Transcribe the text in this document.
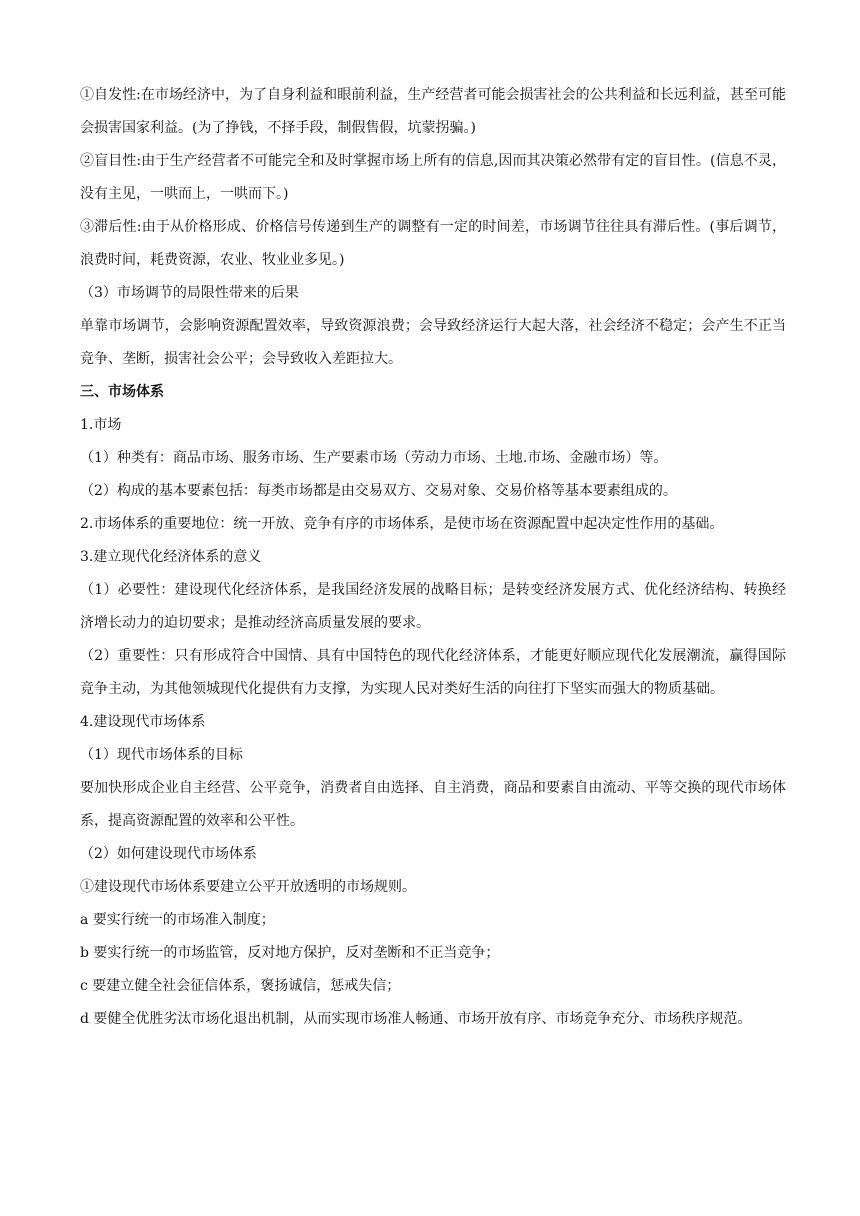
①自发性:在市场经济中，为了自身利益和眼前利益，生产经营者可能会损害社会的公共利益和长远利益，甚至可能会损害国家利益。(为了挣钱，不择手段，制假售假，坑蒙拐骗。)

②盲目性:由于生产经营者不可能完全和及时掌握市场上所有的信息,因而其决策必然带有定的盲目性。(信息不灵，没有主见，一哄而上，一哄而下。)

③滞后性:由于从价格形成、价格信号传递到生产的调整有一定的时间差，市场调节往往具有滞后性。(事后调节，浪费时间，耗费资源，农业、牧业业多见。)

（3）市场调节的局限性带来的后果

单靠市场调节，会影响资源配置效率，导致资源浪费；会导致经济运行大起大落，社会经济不稳定；会产生不正当竞争、垄断，损害社会公平；会导致收入差距拉大。

三、市场体系

1.市场

（1）种类有：商品市场、服务市场、生产要素市场（劳动力市场、土地.市场、金融市场）等。

（2）构成的基本要素包括：每类市场都是由交易双方、交易对象、交易价格等基本要素组成的。

2.市场体系的重要地位：统一开放、竞争有序的市场体系，是使市场在资源配置中起决定性作用的基础。

3.建立现代化经济体系的意义

（1）必要性：建设现代化经济体系，是我国经济发展的战略目标；是转变经济发展方式、优化经济结构、转换经济增长动力的迫切要求；是推动经济高质量发展的要求。

（2）重要性：只有形成符合中国情、具有中国特色的现代化经济体系，才能更好顺应现代化发展潮流，赢得国际竞争主动，为其他领城现代化提供有力支撑，为实现人民对类好生活的向往打下坚实而强大的物质基础。

4.建设现代市场体系

（1）现代市场体系的目标

要加快形成企业自主经营、公平竞争，消费者自由选择、自主消费，商品和要素自由流动、平等交换的现代市场体系，提高资源配置的效率和公平性。

（2）如何建设现代市场体系

①建设现代市场体系要建立公平开放透明的市场规则。

a 要实行统一的市场准入制度；

b 要实行统一的市场监管，反对地方保护，反对垄断和不正当竞争；

c 要建立健全社会征信体系，褒扬诚信，惩戒失信；

d 要健全优胜劣汰市场化退出机制，从而实现市场准人畅通、市场开放有序、市场竞争充分、市场秩序规范。
